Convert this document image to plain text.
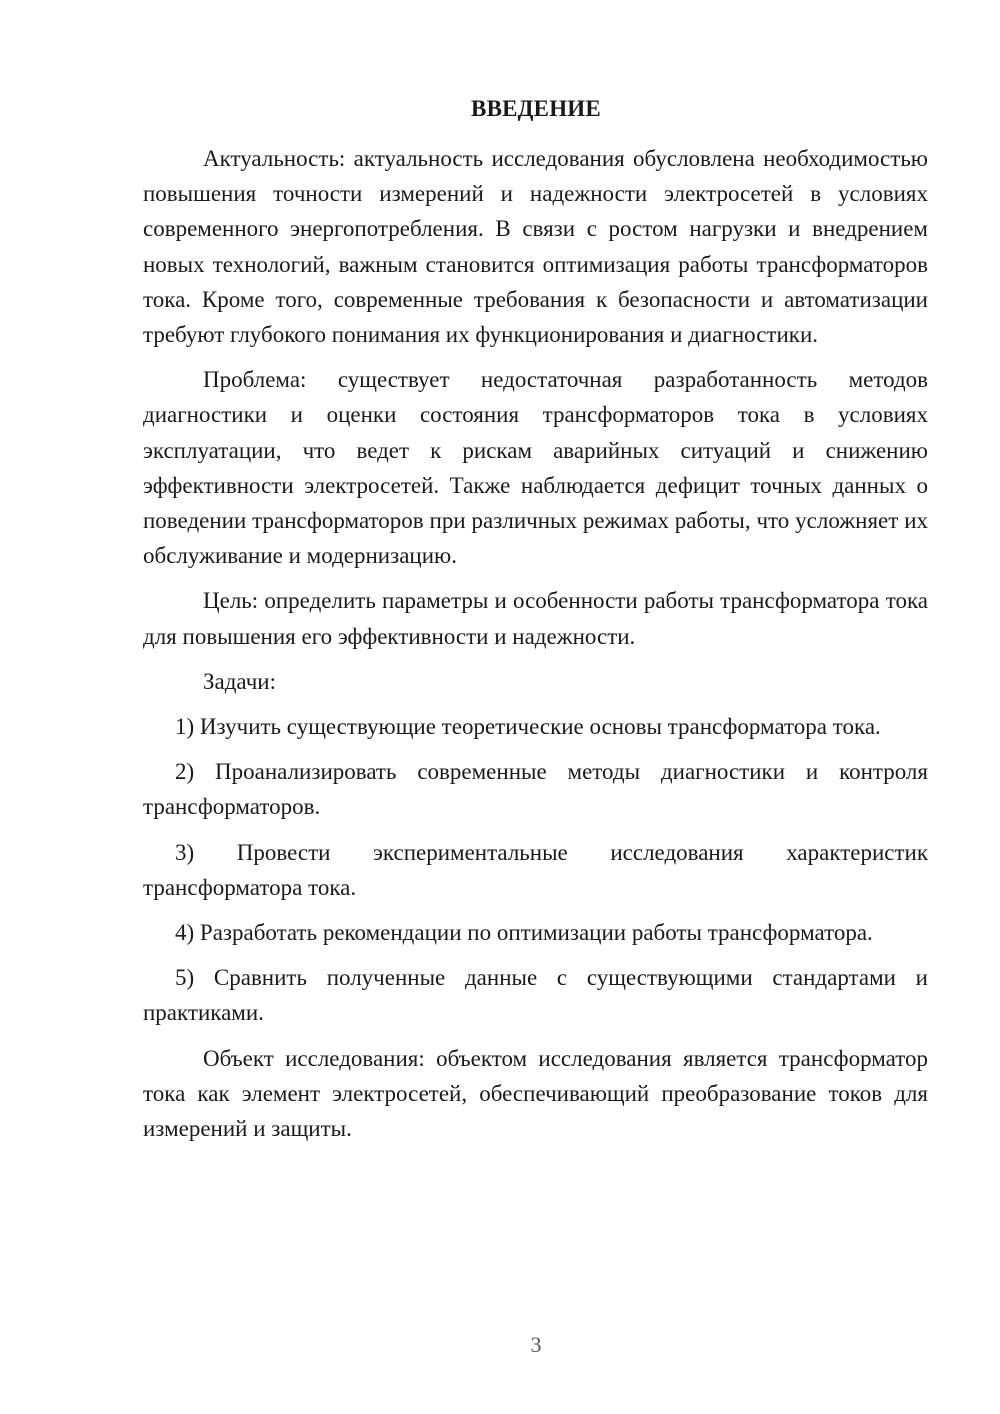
ВВЕДЕНИЕ

Актуальность: актуальность исследования обусловлена необходимостью повышения точности измерений и надежности электросетей в условиях современного энергопотребления. В связи с ростом нагрузки и внедрением новых технологий, важным становится оптимизация работы трансформаторов тока. Кроме того, современные требования к безопасности и автоматизации требуют глубокого понимания их функционирования и диагностики.

Проблема: существует недостаточная разработанность методов диагностики и оценки состояния трансформаторов тока в условиях эксплуатации, что ведет к рискам аварийных ситуаций и снижению эффективности электросетей. Также наблюдается дефицит точных данных о поведении трансформаторов при различных режимах работы, что усложняет их обслуживание и модернизацию.

Цель: определить параметры и особенности работы трансформатора тока для повышения его эффективности и надежности.

Задачи:

1) Изучить существующие теоретические основы трансформатора тока.

2) Проанализировать современные методы диагностики и контроля трансформаторов.

3) Провести экспериментальные исследования характеристик трансформатора тока.

4) Разработать рекомендации по оптимизации работы трансформатора.

5) Сравнить полученные данные с существующими стандартами и практиками.

Объект исследования: объектом исследования является трансформатор тока как элемент электросетей, обеспечивающий преобразование токов для измерений и защиты.

3
